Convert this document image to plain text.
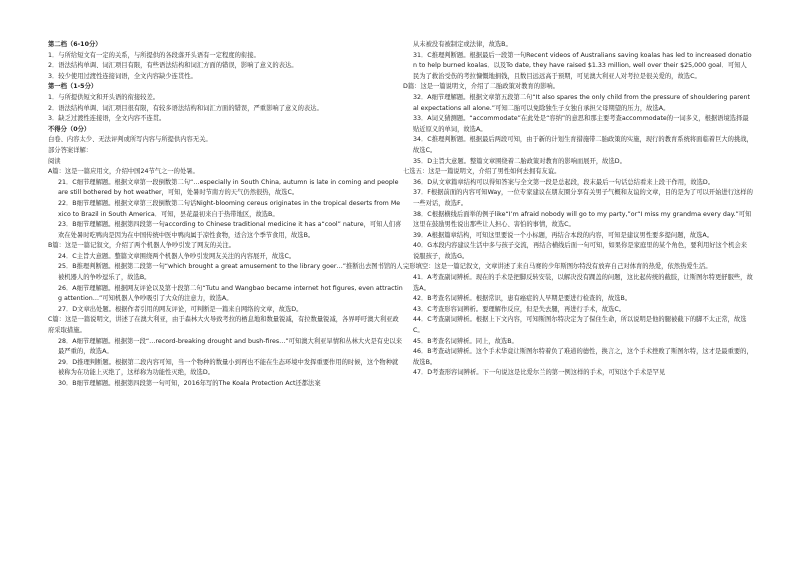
第二档（6-10分）

1．与所给短文有一定的关系，与所提供的各段落开头语有一定程度的衔接。

2．语法结构单调、词汇项目有限，有些语法结构和词汇方面的错误，影响了意义的表达。

3．较少使用过渡性连接词语，全文内容缺少连贯性。

第一档（1-5分）

1．与所提供短文和开头语的衔接较差。

2．语法结构单调、词汇项目很有限，有较多语法结构和词汇方面的错误，严重影响了意义的表达。

3．缺乏过渡性连接语，全文内容不连贯。

不得分（0分）

白卷、内容太少、无法评判或所写内容与所提供内容无关。

部分答案详解：

阅读

A篇：这是一篇应用文，介绍中国24节气之一的处暑。

21．C细节理解题。根据文章第一段倒数第二句“…especially in South China, autumn is late in coming and people are still bothered by hot weather，可知，处暑时节南方的天气仍然很热，故选C。

22．B细节理解题。根据文章第三段倒数第二句话Night-blooming cereus originates in the tropical deserts from Mexico to Brazil in South America．可知，昙花最初来自于热带地区，故选B。

23．B细节理解题。根据第四段第一句according to Chinese traditional medicine it has a“cool” nature，可知人们喜欢在处暑时吃鸭肉是因为在中国传统中医中鸭肉属于凉性食物，适合这个季节食用，故选B。

B篇：这是一篇记叙文，介绍了两个机器人争吵引发了网友的关注。

24．C主旨大意题。整篇文章围绕两个机器人争吵引发网友关注的内容展开，故选C。

25．B推理判断题。根据第二段第一句“which brought a great amusement to the library goer…”推断出去图书馆的人被机器人的争吵逗乐了，故选B。

26．A细节理解题。根据网友评论以及第十段第二句“Tutu and Wangbao became internet hot figures, even attracting attention…”可知机器人争吵吸引了大众的注意力，故选A。

27．D文章出处题。根据作者引用的网友评论，可判断是一篇来自网络的文章，故选D。

C篇：这是一篇说明文，讲述了在澳大利亚，由于森林大火导致考拉的栖息地和数量锐减，有拉数量锐减，各界呼吁澳大利亚政府采取措施。

28．A细节理解题。根据第一段“…record-breaking drought and bush-fires…”可知澳大利亚旱情和丛林大火是有史以来最严重的，故选A。

29．D推理判断题。根据第二段内容可知，当一个物种的数量小到再也不能在生态环境中发挥重要作用的时候，这个物种就被称为在功能上灭绝了，这样称为功能性灭绝，故选D。

30．B细节理解题。根据第四段第一句可知，2016年写的The Koala Protection Act还都法案

从未被没有被制定或法律，故选B。

31．C推理判断题。根据最后一段第一句Recent videos of Australians saving koalas has led to increased donation to help burned koalas．以及To date, they have raised $1.33 million, well over their $25,000 goal．可知人民为了救治受伤的考拉慷慨地捐钱，且数目远远高于预期，可见澳大利亚人对考拉是很关爱的，故选C。

D篇：这是一篇说明文，介绍了二胎政策对教育的影响。

32．A细节理解题。根据文章第五段第二句“It also spares the only child from the pressure of shouldering parental expectations all alone.”可知二胎可以免除独生子女独自承担父母期望的压力，故选A。

33．A词义猜测题。“accommodate”在此处是“容纳”的意思和那主要考查accommodate的一词多义，根据语境选择最贴近原义的单词，故选A。

34．C推理判断题。根据最后两段可知，由于新的计划生育措施带二胎政策的实施，现行的教育系统将面临着巨大的挑战，故选C。

35．D主旨大意题。整篇文章围绕着二胎政策对教育的影响而展开，故选D。

七选五：这是一篇说明文，介绍了男性如何去拥有友谊。

36．D从文章篇章结构可以得知答案与全文第一段是总起段，段末最后一句话总结看来上段干作用，故选D。

37．F根据前面的内容可知Way，一位专家建议在朋友圈分享有关男子气概和友谊的文章，目的是为了可以开始进行这样的一些对话，故选F。

38．C根据横线后面举的例子like“I’m afraid nobody will go to my party,”or“I miss my grandma every day.”可知这里在鼓励男性说出那些让人担心、害怕的事情，故选C。

39．A根据篇章结构，可知这里要说一个小标题，再结合本段的内容，可知是建议男性要多提问题，故选A。

40．G本段内容建议生活中多与孩子交流，再结合横线后面一句可知，如果你是家庭里的某个角色，要利用好这个机会来说服孩子，故选G。

完形填空：这是一篇记叙文，文章讲述了来自马赛的少年斯图尔特没有放弃自己对体育的热爱，依然热爱生活。

41．A考查副词辨析。现在的手术是把脚反转安装，以解决没有踝盖的问题，这比起传统的截肢，让斯图尔特更舒服些，故选A。

42．B考查名词辨析。根据常识，患有癌症的人早期是要进行检查的，故选B。

43．C考查形容词辨析。要理解作反应，但是失去腿，再进行手术，故选C。

44．C考查副词辨析。根据上下文内容，可知斯图尔特决定为了保住生命，所以说明是他的腿被截下的脚不太正常，故选C。

45．B考查名词辨析。同上，故选B。

46．B考查动词辨析。这个手术华竟让斯图尔特着负了难道的德性，换言之，这个手术挫败了斯图尔特，这才是最重要的，故选B。

47．D考查形容词辨析。下一句说这是比爱尔兰的第一例这样的手术，可知这个手术是罕见
